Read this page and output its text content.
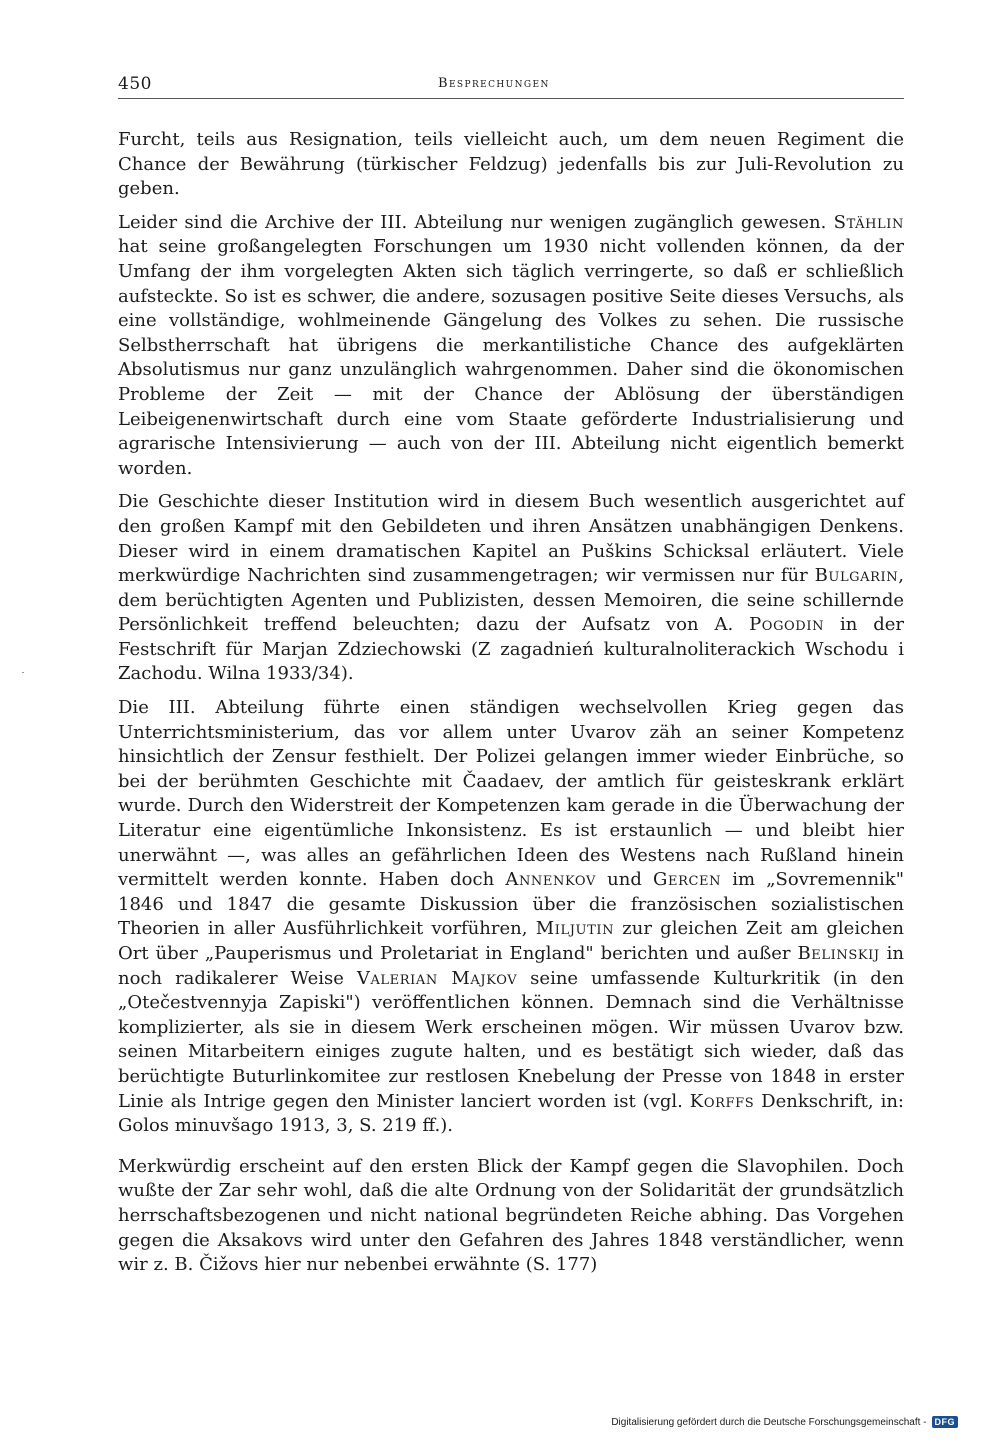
450	Besprechungen

Furcht, teils aus Resignation, teils vielleicht auch, um dem neuen Regiment die Chance der Bewährung (türkischer Feldzug) jedenfalls bis zur Juli-Revolution zu geben.

Leider sind die Archive der III. Abteilung nur wenigen zugänglich gewesen. Stählin hat seine großangelegten Forschungen um 1930 nicht vollenden können, da der Umfang der ihm vorgelegten Akten sich täglich verringerte, so daß er schließlich aufsteckte. So ist es schwer, die andere, sozusagen positive Seite dieses Versuchs, als eine vollständige, wohlmeinende Gängelung des Volkes zu sehen. Die russische Selbstherrschaft hat übrigens die merkantilistiche Chance des aufgeklärten Absolutismus nur ganz unzulänglich wahrgenommen. Daher sind die ökonomischen Probleme der Zeit — mit der Chance der Ablösung der überständigen Leibeigenenwirtschaft durch eine vom Staate geförderte Industrialisierung und agrarische Intensivierung — auch von der III. Abteilung nicht eigentlich bemerkt worden.

Die Geschichte dieser Institution wird in diesem Buch wesentlich ausgerichtet auf den großen Kampf mit den Gebildeten und ihren Ansätzen unabhängigen Denkens. Dieser wird in einem dramatischen Kapitel an Puškins Schicksal erläutert. Viele merkwürdige Nachrichten sind zusammengetragen; wir vermissen nur für Bulgarin, dem berüchtigten Agenten und Publizisten, dessen Memoiren, die seine schillernde Persönlichkeit treffend beleuchten; dazu der Aufsatz von A. Pogodin in der Festschrift für Marjan Zdziechowski (Z zagadnień kulturalnoliterackich Wschodu i Zachodu. Wilna 1933/34).

Die III. Abteilung führte einen ständigen wechselvollen Krieg gegen das Unterrichtsministerium, das vor allem unter Uvarov zäh an seiner Kompetenz hinsichtlich der Zensur festhielt. Der Polizei gelangen immer wieder Einbrüche, so bei der berühmten Geschichte mit Čaadaev, der amtlich für geisteskrank erklärt wurde. Durch den Widerstreit der Kompetenzen kam gerade in die Überwachung der Literatur eine eigentümliche Inkonsistenz. Es ist erstaunlich — und bleibt hier unerwähnt —, was alles an gefährlichen Ideen des Westens nach Rußland hinein vermittelt werden konnte. Haben doch Annenkov und Gercen im „Sovremennik" 1846 und 1847 die gesamte Diskussion über die französischen sozialistischen Theorien in aller Ausführlichkeit vorführen, Miljutin zur gleichen Zeit am gleichen Ort über „Pauperismus und Proletariat in England" berichten und außer Belinskij in noch radikalerer Weise Valerian Majkov seine umfassende Kulturkritik (in den „Otečestvennyja Zapiski") veröffentlichen können. Demnach sind die Verhältnisse komplizierter, als sie in diesem Werk erscheinen mögen. Wir müssen Uvarov bzw. seinen Mitarbeitern einiges zugute halten, und es bestätigt sich wieder, daß das berüchtigte Buturlinkomitee zur restlosen Knebelung der Presse von 1848 in erster Linie als Intrige gegen den Minister lanciert worden ist (vgl. Korffs Denkschrift, in: Golos minuvšago 1913, 3, S. 219 ff.).

Merkwürdig erscheint auf den ersten Blick der Kampf gegen die Slavophilen. Doch wußte der Zar sehr wohl, daß die alte Ordnung von der Solidarität der grundsätzlich herrschaftsbezogenen und nicht national begründeten Reiche abhing. Das Vorgehen gegen die Aksakovs wird unter den Gefahren des Jahres 1848 verständlicher, wenn wir z. B. Čižovs hier nur nebenbei erwähnte (S. 177)

Digitalisierung gefördert durch die Deutsche Forschungsgemeinschaft - DFG
